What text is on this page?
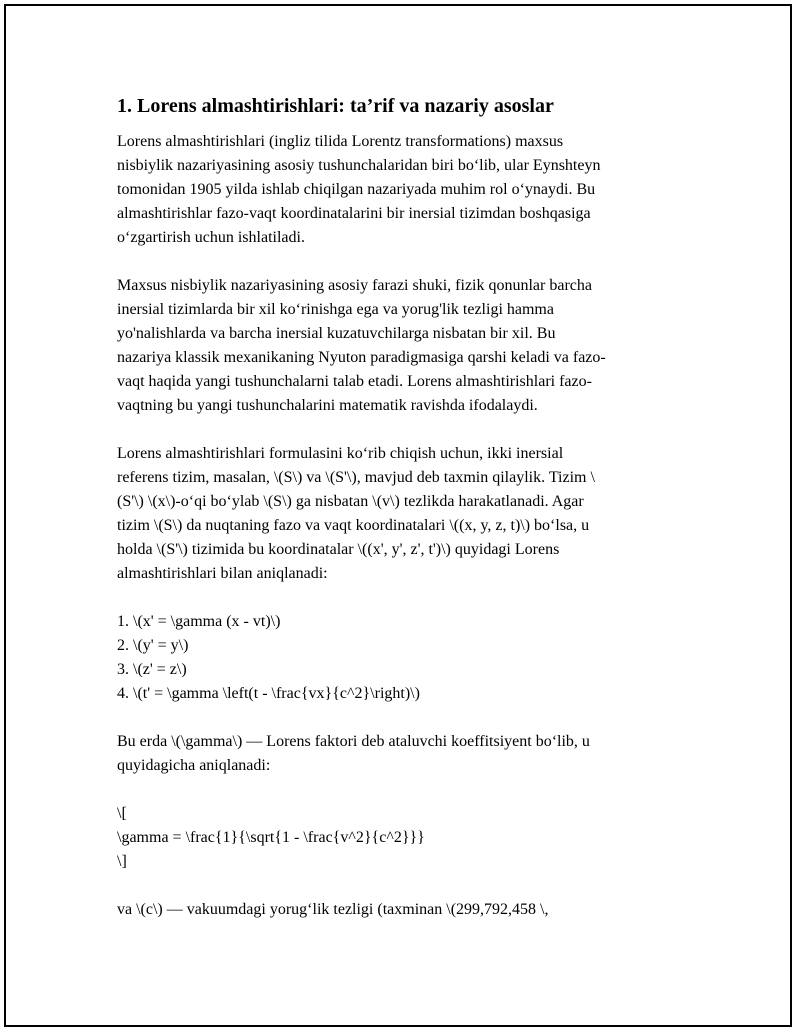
1. Lorens almashtirishlari: ta’rif va nazariy asoslar
Lorens almashtirishlari (ingliz tilida Lorentz transformations) maxsus
nisbiylik nazariyasining asosiy tushunchalaridan biri bo‘lib, ular Eynshteyn
tomonidan 1905 yilda ishlab chiqilgan nazariyada muhim rol o‘ynaydi. Bu
almashtirishlar fazo-vaqt koordinatalarini bir inersial tizimdan boshqasiga
o‘zgartirish uchun ishlatiladi.
Maxsus nisbiylik nazariyasining asosiy farazi shuki, fizik qonunlar barcha
inersial tizimlarda bir xil ko‘rinishga ega va yorug'lik tezligi hamma
yo'nalishlarda va barcha inersial kuzatuvchilarga nisbatan bir xil. Bu
nazariya klassik mexanikaning Nyuton paradigmasiga qarshi keladi va fazo-
vaqt haqida yangi tushunchalarni talab etadi. Lorens almashtirishlari fazo-
vaqtning bu yangi tushunchalarini matematik ravishda ifodalaydi.
Lorens almashtirishlari formulasini ko‘rib chiqish uchun, ikki inersial
referens tizim, masalan, \(S\) va \(S'\), mavjud deb taxmin qilaylik. Tizim \
(S'\) \(x\)-o‘qi bo‘ylab \(S\) ga nisbatan \(v\) tezlikda harakatlanadi. Agar
tizim \(S\) da nuqtaning fazo va vaqt koordinatalari \((x, y, z, t)\) bo‘lsa, u
holda \(S'\) tizimida bu koordinatalar \((x', y', z', t')\) quyidagi Lorens
almashtirishlari bilan aniqlanadi:
1. \(x' = \gamma (x - vt)\)
2. \(y' = y\)
3. \(z' = z\)
4. \(t' = \gamma \left(t - \frac{vx}{c^2}\right)\)
Bu erda \(\gamma\) — Lorens faktori deb ataluvchi koeffitsiyent bo‘lib, u
quyidagicha aniqlanadi:
\[
\gamma = \frac{1}{\sqrt{1 - \frac{v^2}{c^2}}}
\]
va \(c\) — vakuumdagi yorug‘lik tezligi (taxminan \(299,792,458 \,
